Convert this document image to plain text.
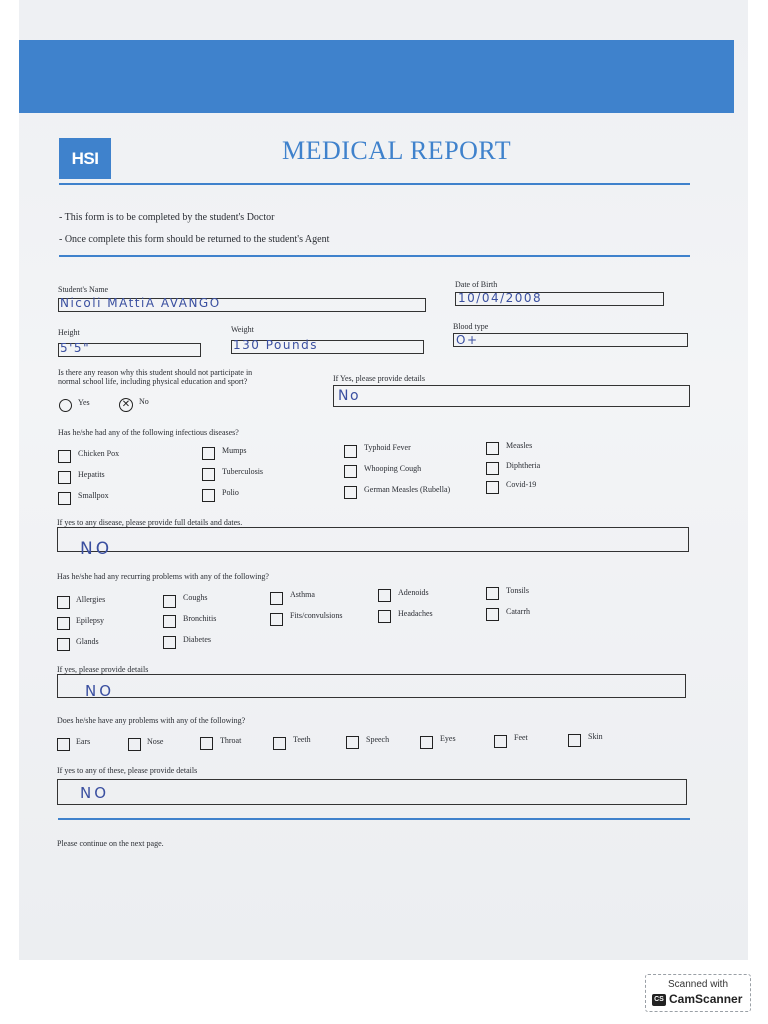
HSI	MEDICAL REPORT
- This form is to be completed by the student's Doctor
- Once complete this form should be returned to the student's Agent
Student's Name
Nicoli MAttiA AVANGO
Date of Birth
10/04/2008
Height
5'5"
Weight
130 Pounds
Blood type
O+
Is there any reason why this student should not participate in
normal school life, including physical education and sport?
Yes	✕	No
If Yes, please provide details
No
Has he/she had any of the following infectious diseases?
Chicken Pox
Hepatits
Smallpox
Mumps
Tuberculosis
Polio
Typhoid Fever
Whooping Cough
German Measles (Rubella)
Measles
Diphtheria
Covid-19
If yes to any disease, please provide full details and dates.
NO
Has he/she had any recurring problems with any of the following?
Allergies
Epilepsy
Glands
Coughs
Bronchitis
Diabetes
Asthma
Fits/convulsions
Adenoids
Headaches
Tonsils
Catarrh
If yes, please provide details
NO
Does he/she have any problems with any of the following?
Ears	Nose	Throat	Teeth	Speech	Eyes	Feet	Skin
If yes to any of these, please provide details
NO
Please continue on the next page.
Scanned with
CS CamScanner
